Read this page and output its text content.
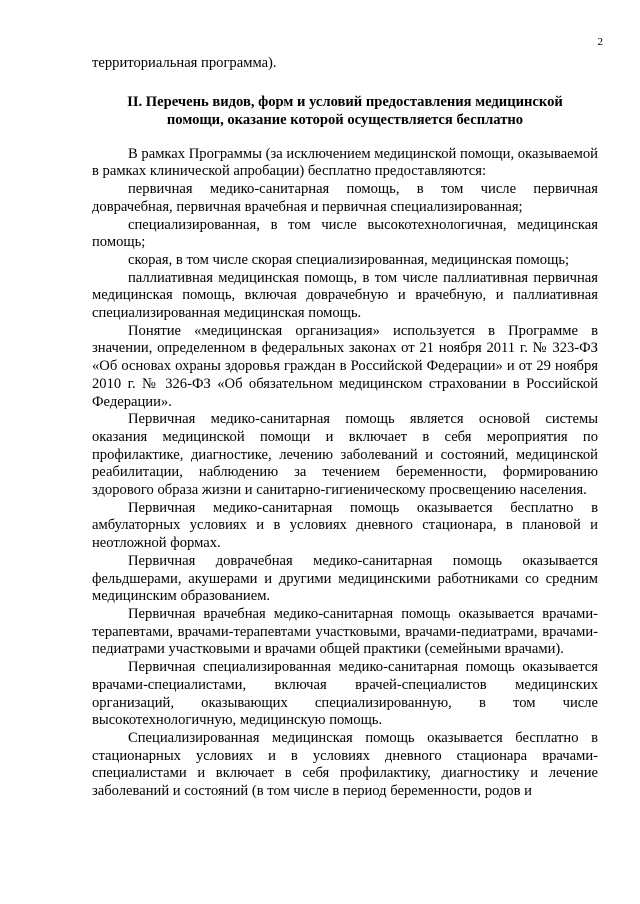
2

территориальная программа).

II. Перечень видов, форм и условий предоставления медицинской
помощи, оказание которой осуществляется бесплатно

В рамках Программы (за исключением медицинской помощи, оказываемой в рамках клинической апробации) бесплатно предоставляются:

первичная медико-санитарная помощь, в том числе первичная доврачебная, первичная врачебная и первичная специализированная;

специализированная, в том числе высокотехнологичная, медицинская помощь;

скорая, в том числе скорая специализированная, медицинская помощь;

паллиативная медицинская помощь, в том числе паллиативная первичная медицинская помощь, включая доврачебную и врачебную, и паллиативная специализированная медицинская помощь.

Понятие «медицинская организация» используется в Программе в значении, определенном в федеральных законах от 21 ноября 2011 г. № 323-ФЗ «Об основах охраны здоровья граждан в Российской Федерации» и от 29 ноября 2010 г. № 326-ФЗ «Об обязательном медицинском страховании в Российской Федерации».

Первичная медико-санитарная помощь является основой системы оказания медицинской помощи и включает в себя мероприятия по профилактике, диагностике, лечению заболеваний и состояний, медицинской реабилитации, наблюдению за течением беременности, формированию здорового образа жизни и санитарно-гигиеническому просвещению населения.

Первичная медико-санитарная помощь оказывается бесплатно в амбулаторных условиях и в условиях дневного стационара, в плановой и неотложной формах.

Первичная доврачебная медико-санитарная помощь оказывается фельдшерами, акушерами и другими медицинскими работниками со средним медицинским образованием.

Первичная врачебная медико-санитарная помощь оказывается врачами-терапевтами, врачами-терапевтами участковыми, врачами-педиатрами, врачами-педиатрами участковыми и врачами общей практики (семейными врачами).

Первичная специализированная медико-санитарная помощь оказывается врачами-специалистами, включая врачей-специалистов медицинских организаций, оказывающих специализированную, в том числе высокотехнологичную, медицинскую помощь.

Специализированная медицинская помощь оказывается бесплатно в стационарных условиях и в условиях дневного стационара врачами-специалистами и включает в себя профилактику, диагностику и лечение заболеваний и состояний (в том числе в период беременности, родов и
